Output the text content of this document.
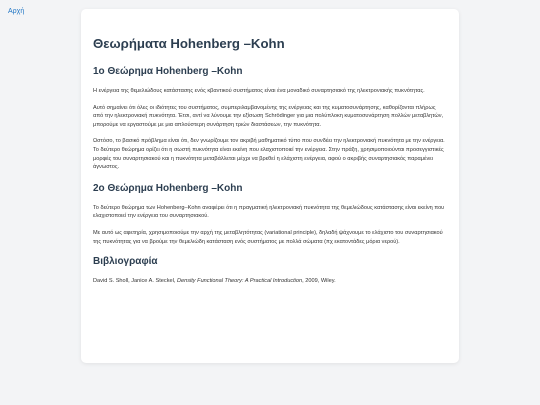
Αρχή
Θεωρήματα Hohenberg –Kohn
1ο Θεώρημα Hohenberg –Kohn

Η ενέργεια της θεμελιώδους κατάστασης ενός κβαντικού συστήματος είναι ένα μοναδικό συναρτησιακό της ηλεκτρονιακής πυκνότητας.

Αυτό σημαίνει ότι όλες οι ιδιότητες του συστήματος, συμπεριλαμβανομένης της ενέργειας και της κυματοσυνάρτησης, καθορίζονται πλήρως από την ηλεκτρονιακή πυκνότητα. Έτσι, αντί να λύνουμε την εξίσωση Schrödinger για μια πολύπλοκη κυματοσυνάρτηση πολλών μεταβλητών, μπορούμε να εργαστούμε με μια απλούστερη συνάρτηση τριών διαστάσεων, την πυκνότητα.

Ωστόσο, το βασικό πρόβλημα είναι ότι, δεν γνωρίζουμε τον ακριβή μαθηματικό τύπο που συνδέει την ηλεκτρονιακή πυκνότητα με την ενέργεια. Το δεύτερο θεώρημα ορίζει ότι η σωστή πυκνότητα είναι εκείνη που ελαχιστοποιεί την ενέργεια. Στην πράξη, χρησιμοποιούνται προσεγγιστικές μορφές του συναρτησιακού και η πυκνότητα μεταβάλλεται μέχρι να βρεθεί η ελάχιστη ενέργεια, αφού ο ακριβής συναρτησιακός παραμένει άγνωστος.

2ο Θεώρημα Hohenberg –Kohn

Το δεύτερο θεώρημα των Hohenberg–Kohn αναφέρει ότι η πραγματική ηλεκτρονιακή πυκνότητα της θεμελιώδους κατάστασης είναι εκείνη που ελαχιστοποιεί την ενέργεια του συναρτησιακού.

Με αυτό ως αφετηρία, χρησιμοποιούμε την αρχή της μεταβλητότητας (variational principle), δηλαδή ψάχνουμε το ελάχιστο του συναρτησιακού της πυκνότητας για να βρούμε την θεμελιώδη κατάσταση ενός συστήματος με πολλά σώματα (πχ εκατοντάδες μόρια νερού).

Βιβλιογραφία

David S. Sholl, Janice A. Steckel, Density Functional Theory: A Practical Introduction, 2009, Wiley.
